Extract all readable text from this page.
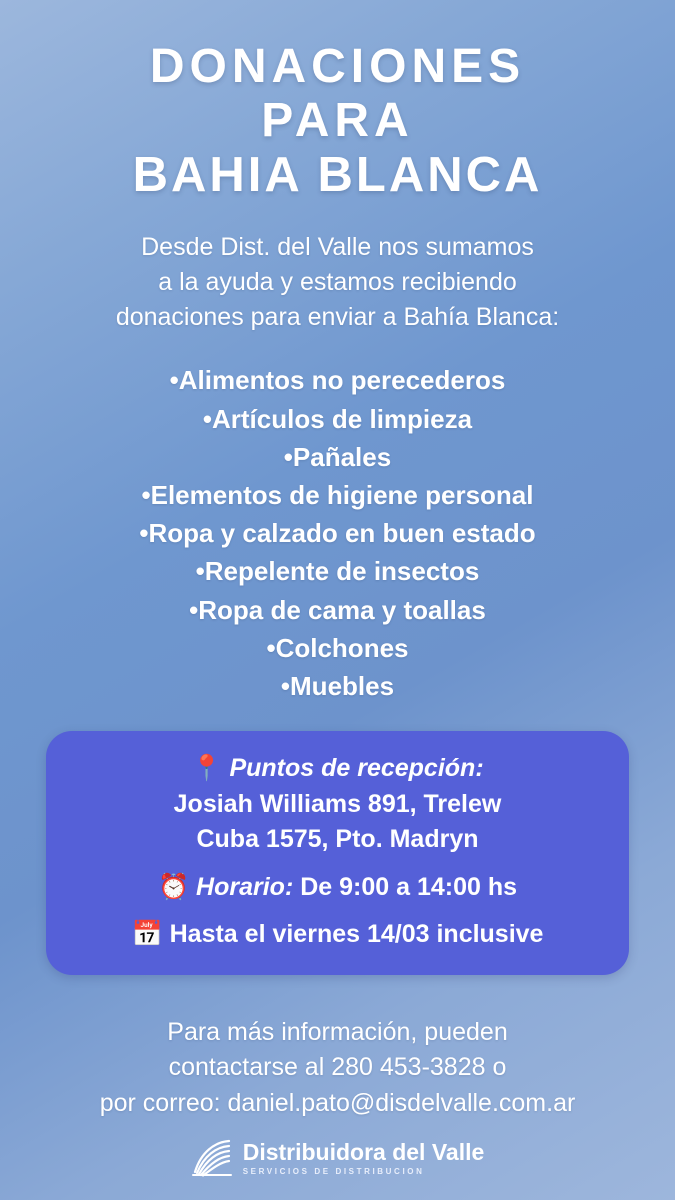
DONACIONES
PARA
BAHIA BLANCA
Desde Dist. del Valle nos sumamos
a la ayuda y estamos recibiendo
donaciones para enviar a Bahía Blanca:
•Alimentos no perecederos
•Artículos de limpieza
•Pañales
•Elementos de higiene personal
•Ropa y calzado en buen estado
•Repelente de insectos
•Ropa de cama y toallas
•Colchones
•Muebles
📍 Puntos de recepción:
Josiah Williams 891, Trelew
Cuba 1575, Pto. Madryn
⏰ Horario: De 9:00 a 14:00 hs
📅 Hasta el viernes 14/03 inclusive
Para más información, pueden
contactarse al 280 453-3828 o
por correo: daniel.pato@disdelvalle.com.ar
Distribuidora del Valle
SERVICIOS DE DISTRIBUCION
